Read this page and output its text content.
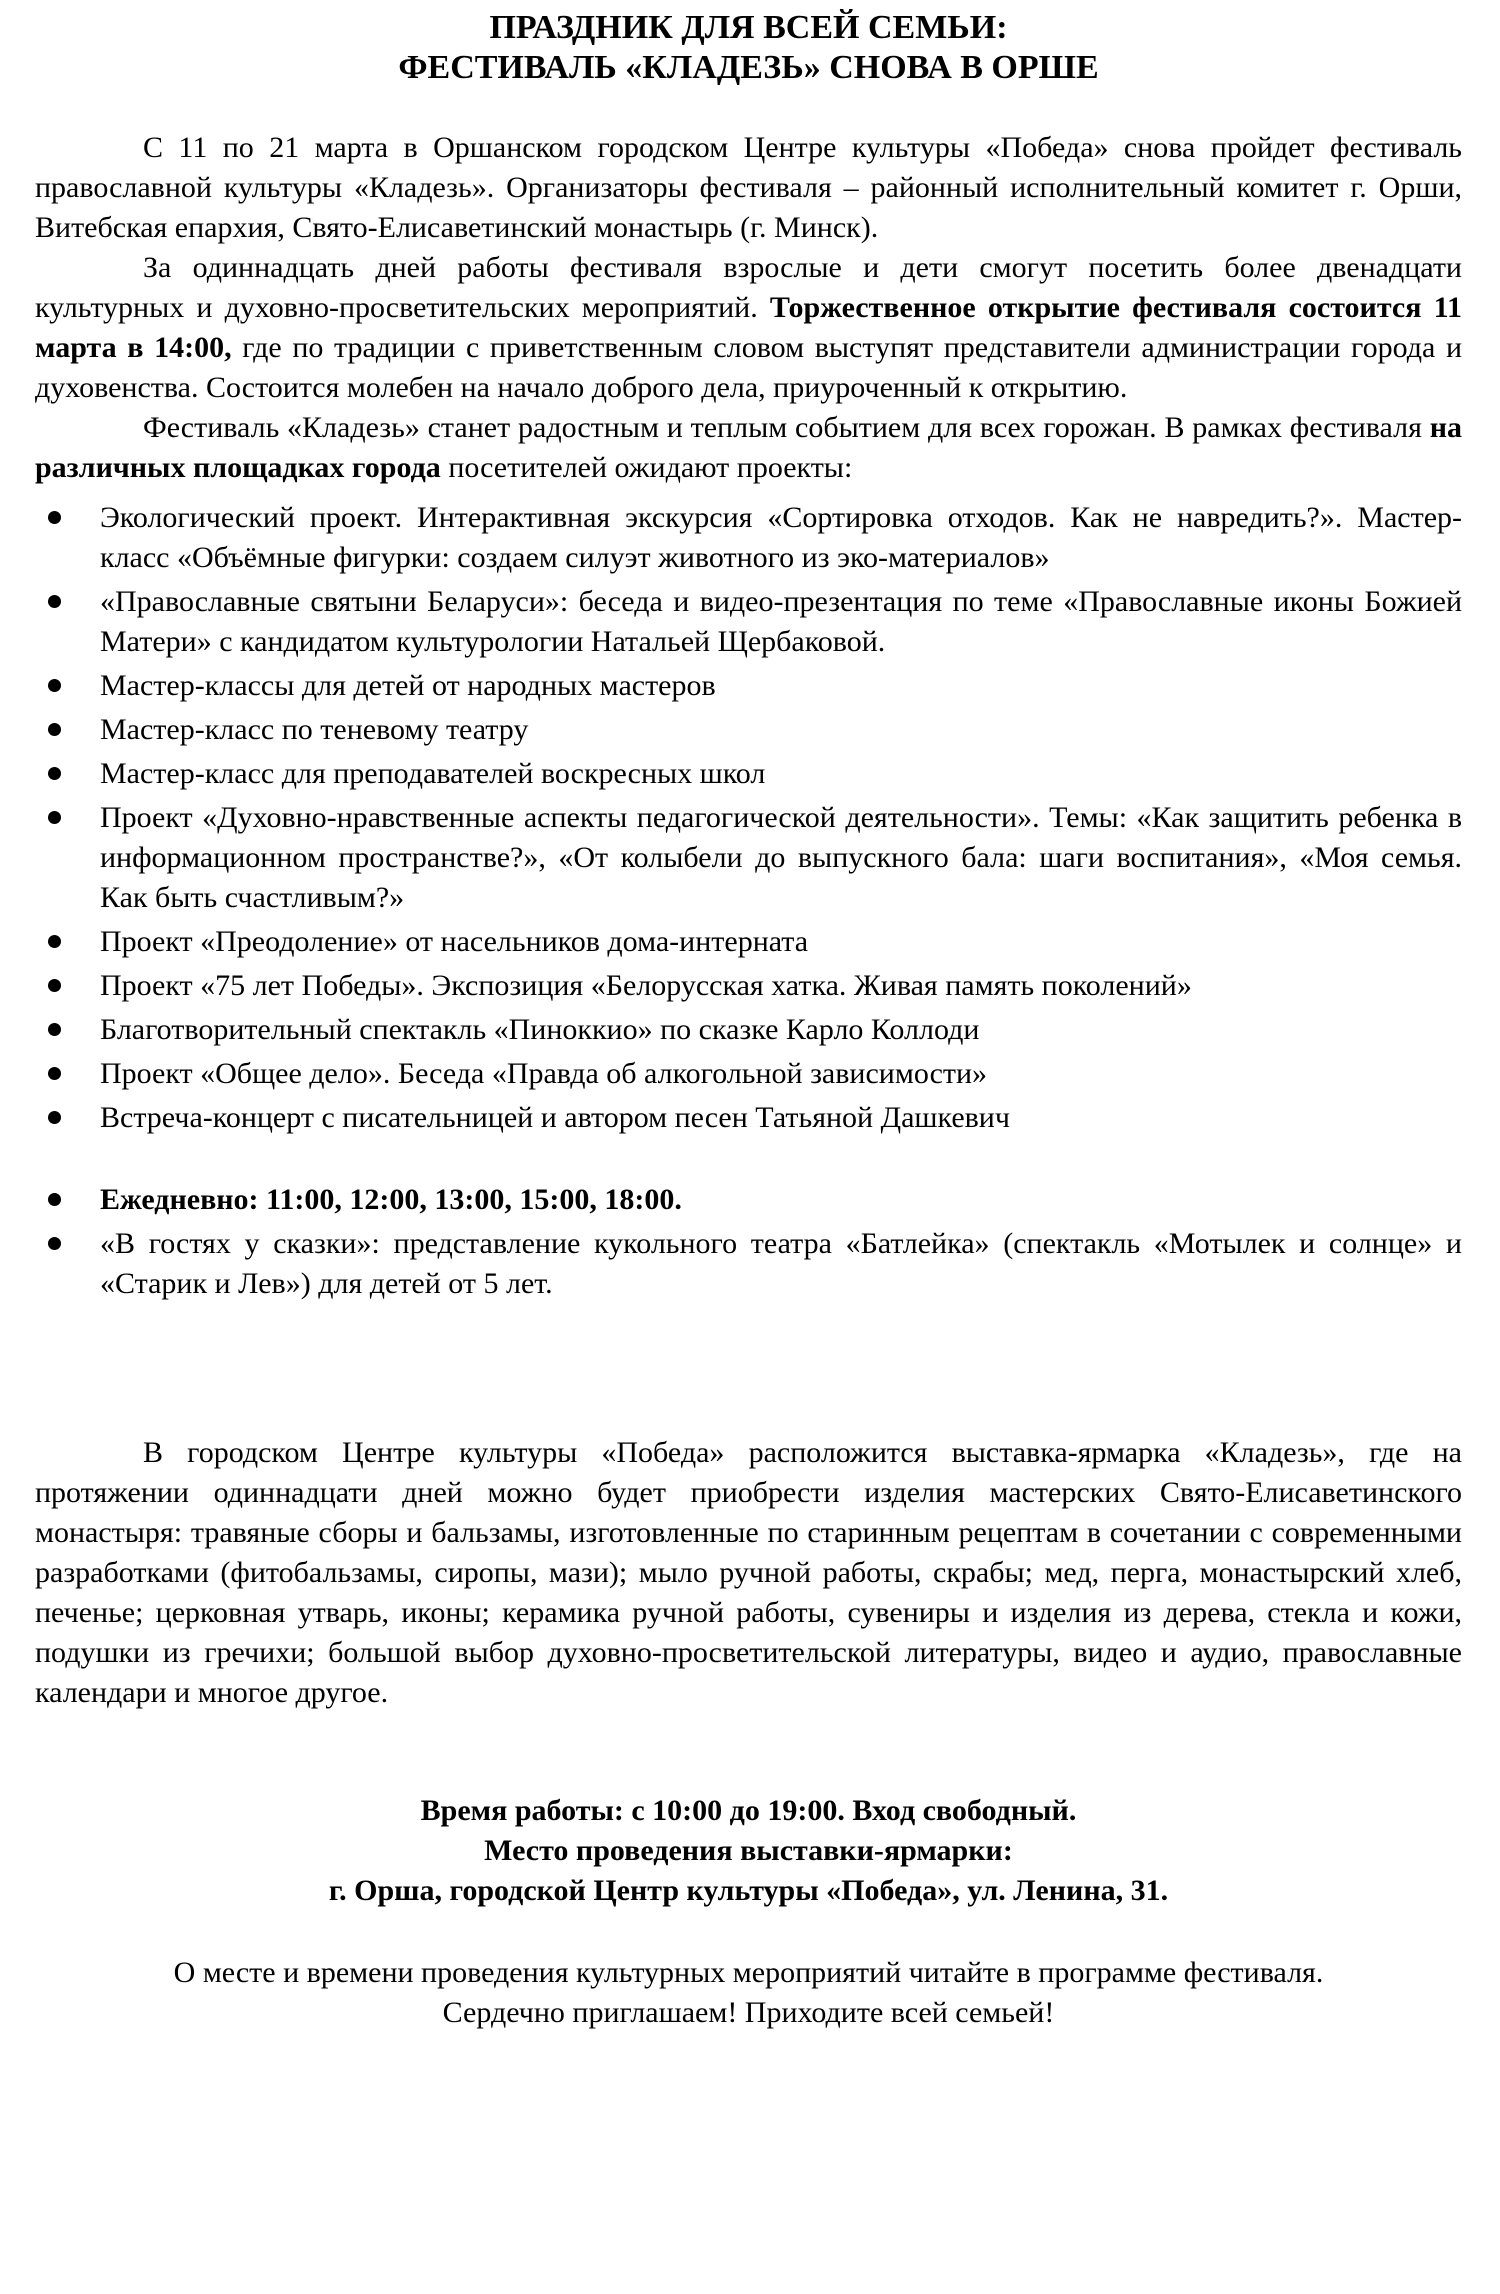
ПРАЗДНИК ДЛЯ ВСЕЙ СЕМЬИ:
ФЕСТИВАЛЬ «КЛАДЕЗЬ» СНОВА В ОРШЕ

С 11 по 21 марта в Оршанском городском Центре культуры «Победа» снова пройдет фестиваль православной культуры «Кладезь». Организаторы фестиваля – районный исполнительный комитет г. Орши, Витебская епархия, Свято-Елисаветинский монастырь (г. Минск).

За одиннадцать дней работы фестиваля взрослые и дети смогут посетить более двенадцати культурных и духовно-просветительских мероприятий. Торжественное открытие фестиваля состоится 11 марта в 14:00, где по традиции с приветственным словом выступят представители администрации города и духовенства. Состоится молебен на начало доброго дела, приуроченный к открытию.

Фестиваль «Кладезь» станет радостным и теплым событием для всех горожан. В рамках фестиваля на различных площадках города посетителей ожидают проекты:

Экологический проект. Интерактивная экскурсия «Сортировка отходов. Как не навредить?». Мастер-класс «Объёмные фигурки: создаем силуэт животного из эко-материалов»
«Православные святыни Беларуси»: беседа и видео-презентация по теме «Православные иконы Божией Матери» с кандидатом культурологии Натальей Щербаковой.
Мастер-классы для детей от народных мастеров
Мастер-класс по теневому театру
Мастер-класс для преподавателей воскресных школ
Проект «Духовно-нравственные аспекты педагогической деятельности». Темы: «Как защитить ребенка в информационном пространстве?», «От колыбели до выпускного бала: шаги воспитания», «Моя семья. Как быть счастливым?»
Проект «Преодоление» от насельников дома-интерната
Проект «75 лет Победы». Экспозиция «Белорусская хатка. Живая память поколений»
Благотворительный спектакль «Пиноккио» по сказке Карло Коллоди
Проект «Общее дело». Беседа «Правда об алкогольной зависимости»
Встреча-концерт с писательницей и автором песен Татьяной Дашкевич
Ежедневно: 11:00, 12:00, 13:00, 15:00, 18:00.
«В гостях у сказки»: представление кукольного театра «Батлейка» (спектакль «Мотылек и солнце» и «Старик и Лев») для детей от 5 лет.

В городском Центре культуры «Победа» расположится выставка-ярмарка «Кладезь», где на протяжении одиннадцати дней можно будет приобрести изделия мастерских Свято-Елисаветинского монастыря: травяные сборы и бальзамы, изготовленные по старинным рецептам в сочетании с современными разработками (фитобальзамы, сиропы, мази); мыло ручной работы, скрабы; мед, перга, монастырский хлеб, печенье; церковная утварь, иконы; керамика ручной работы, сувениры и изделия из дерева, стекла и кожи, подушки из гречихи; большой выбор духовно-просветительской литературы, видео и аудио, православные календари и многое другое.

Время работы: с 10:00 до 19:00. Вход свободный.

Место проведения выставки-ярмарки:

г. Орша, городской Центр культуры «Победа», ул. Ленина, 31.

О месте и времени проведения культурных мероприятий читайте в программе фестиваля.

Сердечно приглашаем! Приходите всей семьей!
